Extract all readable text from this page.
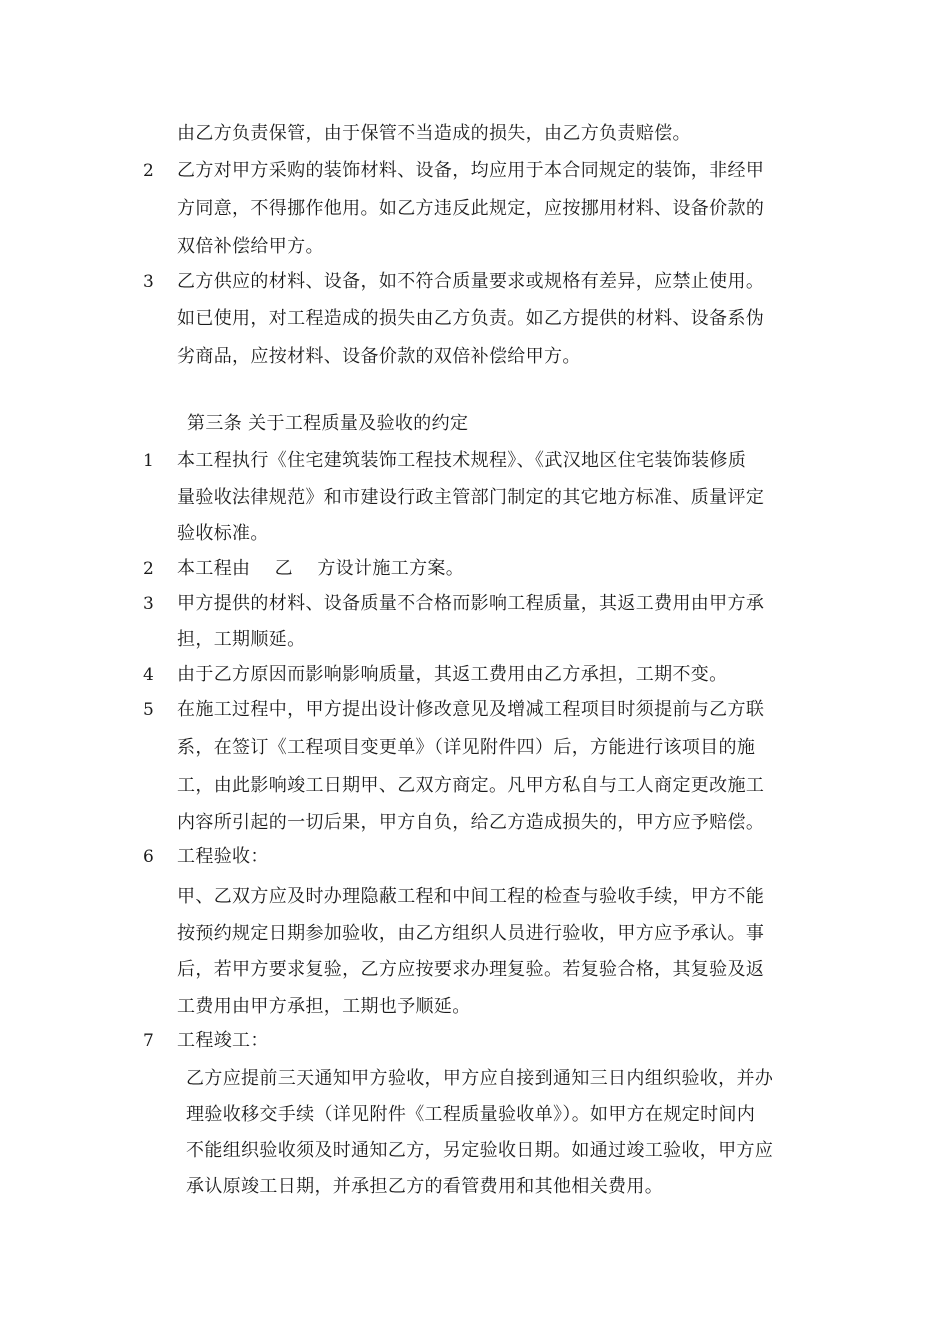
由乙方负责保管，由于保管不当造成的损失，由乙方负责赔偿。
2 乙方对甲方采购的装饰材料、设备，均应用于本合同规定的装饰，非经甲
方同意，不得挪作他用。如乙方违反此规定，应按挪用材料、设备价款的
双倍补偿给甲方。
3 乙方供应的材料、设备，如不符合质量要求或规格有差异，应禁止使用。
如已使用，对工程造成的损失由乙方负责。如乙方提供的材料、设备系伪
劣商品，应按材料、设备价款的双倍补偿给甲方。
第三条 关于工程质量及验收的约定
1 本工程执行《住宅建筑装饰工程技术规程》、《武汉地区住宅装饰装修质
量验收法律规范》和市建设行政主管部门制定的其它地方标准、质量评定
验收标准。
2 本工程由    乙    方设计施工方案。
3 甲方提供的材料、设备质量不合格而影响工程质量，其返工费用由甲方承
担，工期顺延。
4 由于乙方原因而影响影响质量，其返工费用由乙方承担，工期不变。
5 在施工过程中，甲方提出设计修改意见及增减工程项目时须提前与乙方联
系，在签订《工程项目变更单》（详见附件四）后，方能进行该项目的施
工，由此影响竣工日期甲、乙双方商定。凡甲方私自与工人商定更改施工
内容所引起的一切后果，甲方自负，给乙方造成损失的，甲方应予赔偿。
6 工程验收：
甲、乙双方应及时办理隐蔽工程和中间工程的检查与验收手续，甲方不能
按预约规定日期参加验收，由乙方组织人员进行验收，甲方应予承认。事
后，若甲方要求复验，乙方应按要求办理复验。若复验合格，其复验及返
工费用由甲方承担，工期也予顺延。
7 工程竣工：
乙方应提前三天通知甲方验收，甲方应自接到通知三日内组织验收，并办
理验收移交手续（详见附件《工程质量验收单》）。如甲方在规定时间内
不能组织验收须及时通知乙方，另定验收日期。如通过竣工验收，甲方应
承认原竣工日期，并承担乙方的看管费用和其他相关费用。
